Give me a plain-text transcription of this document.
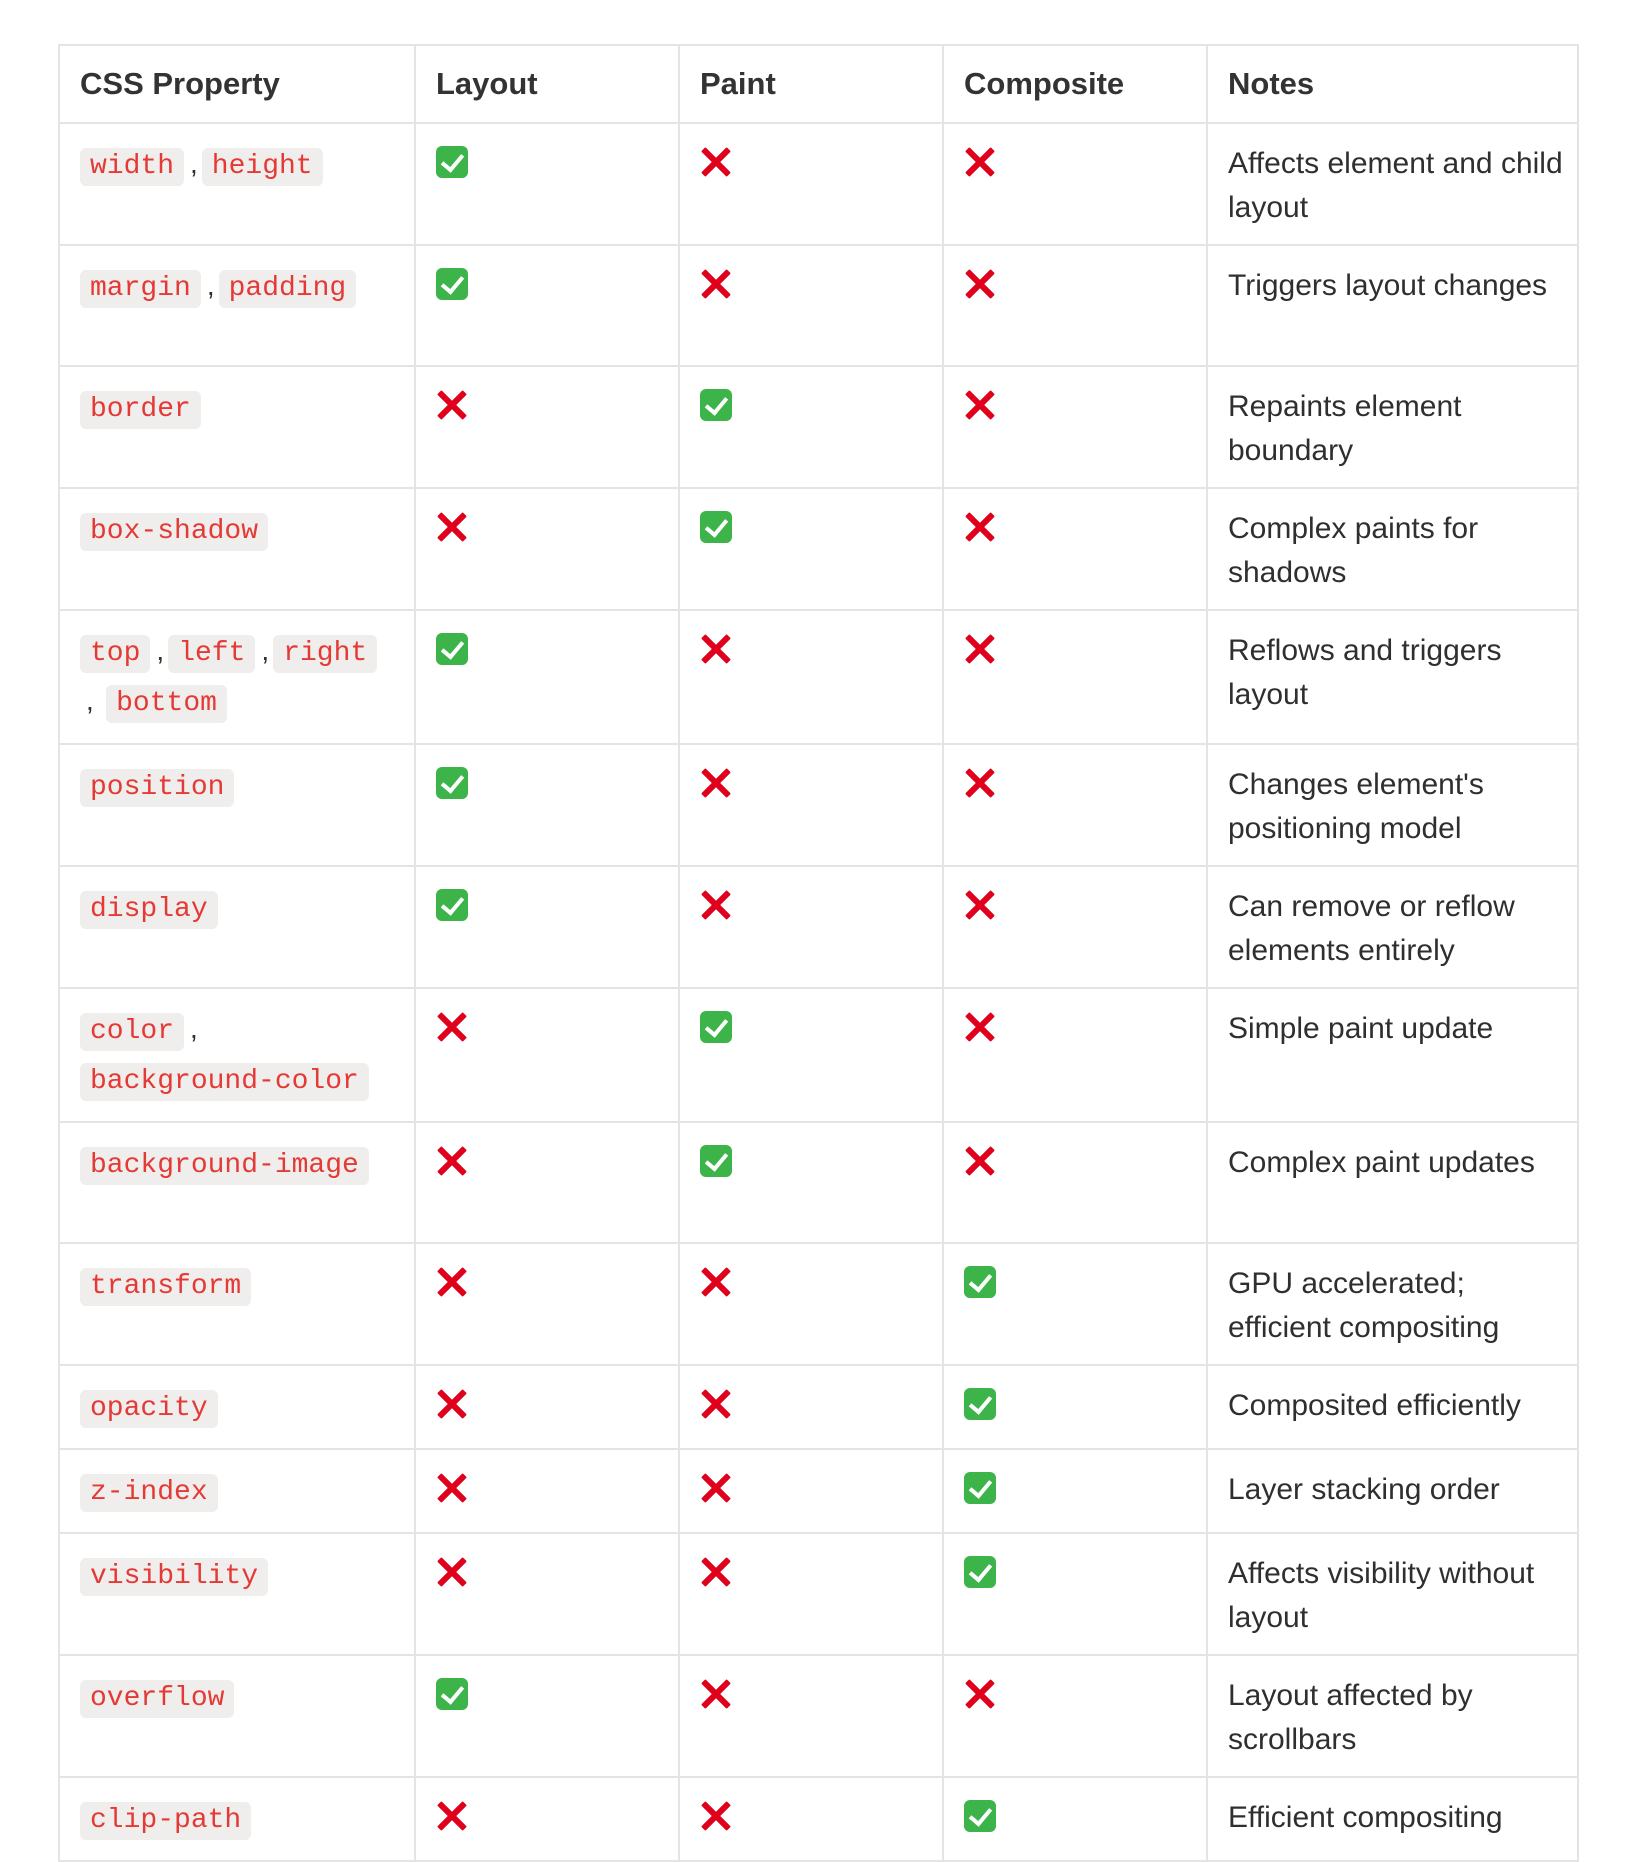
CSS Property	Layout	Paint	Composite	Notes
width , height				Affects element and child layout
margin , padding				Triggers layout changes
border				Repaints element boundary
box-shadow				Complex paints for shadows
top , left , right, bottom				Reflows and triggers layout
position				Changes element's positioning model
display				Can remove or reflow elements entirely
color ,background-color				Simple paint update
background-image				Complex paint updates
transform				GPU accelerated; efficient compositing
opacity				Composited efficiently
z-index				Layer stacking order
visibility				Affects visibility without layout
overflow				Layout affected by scrollbars
clip-path				Efficient compositing
